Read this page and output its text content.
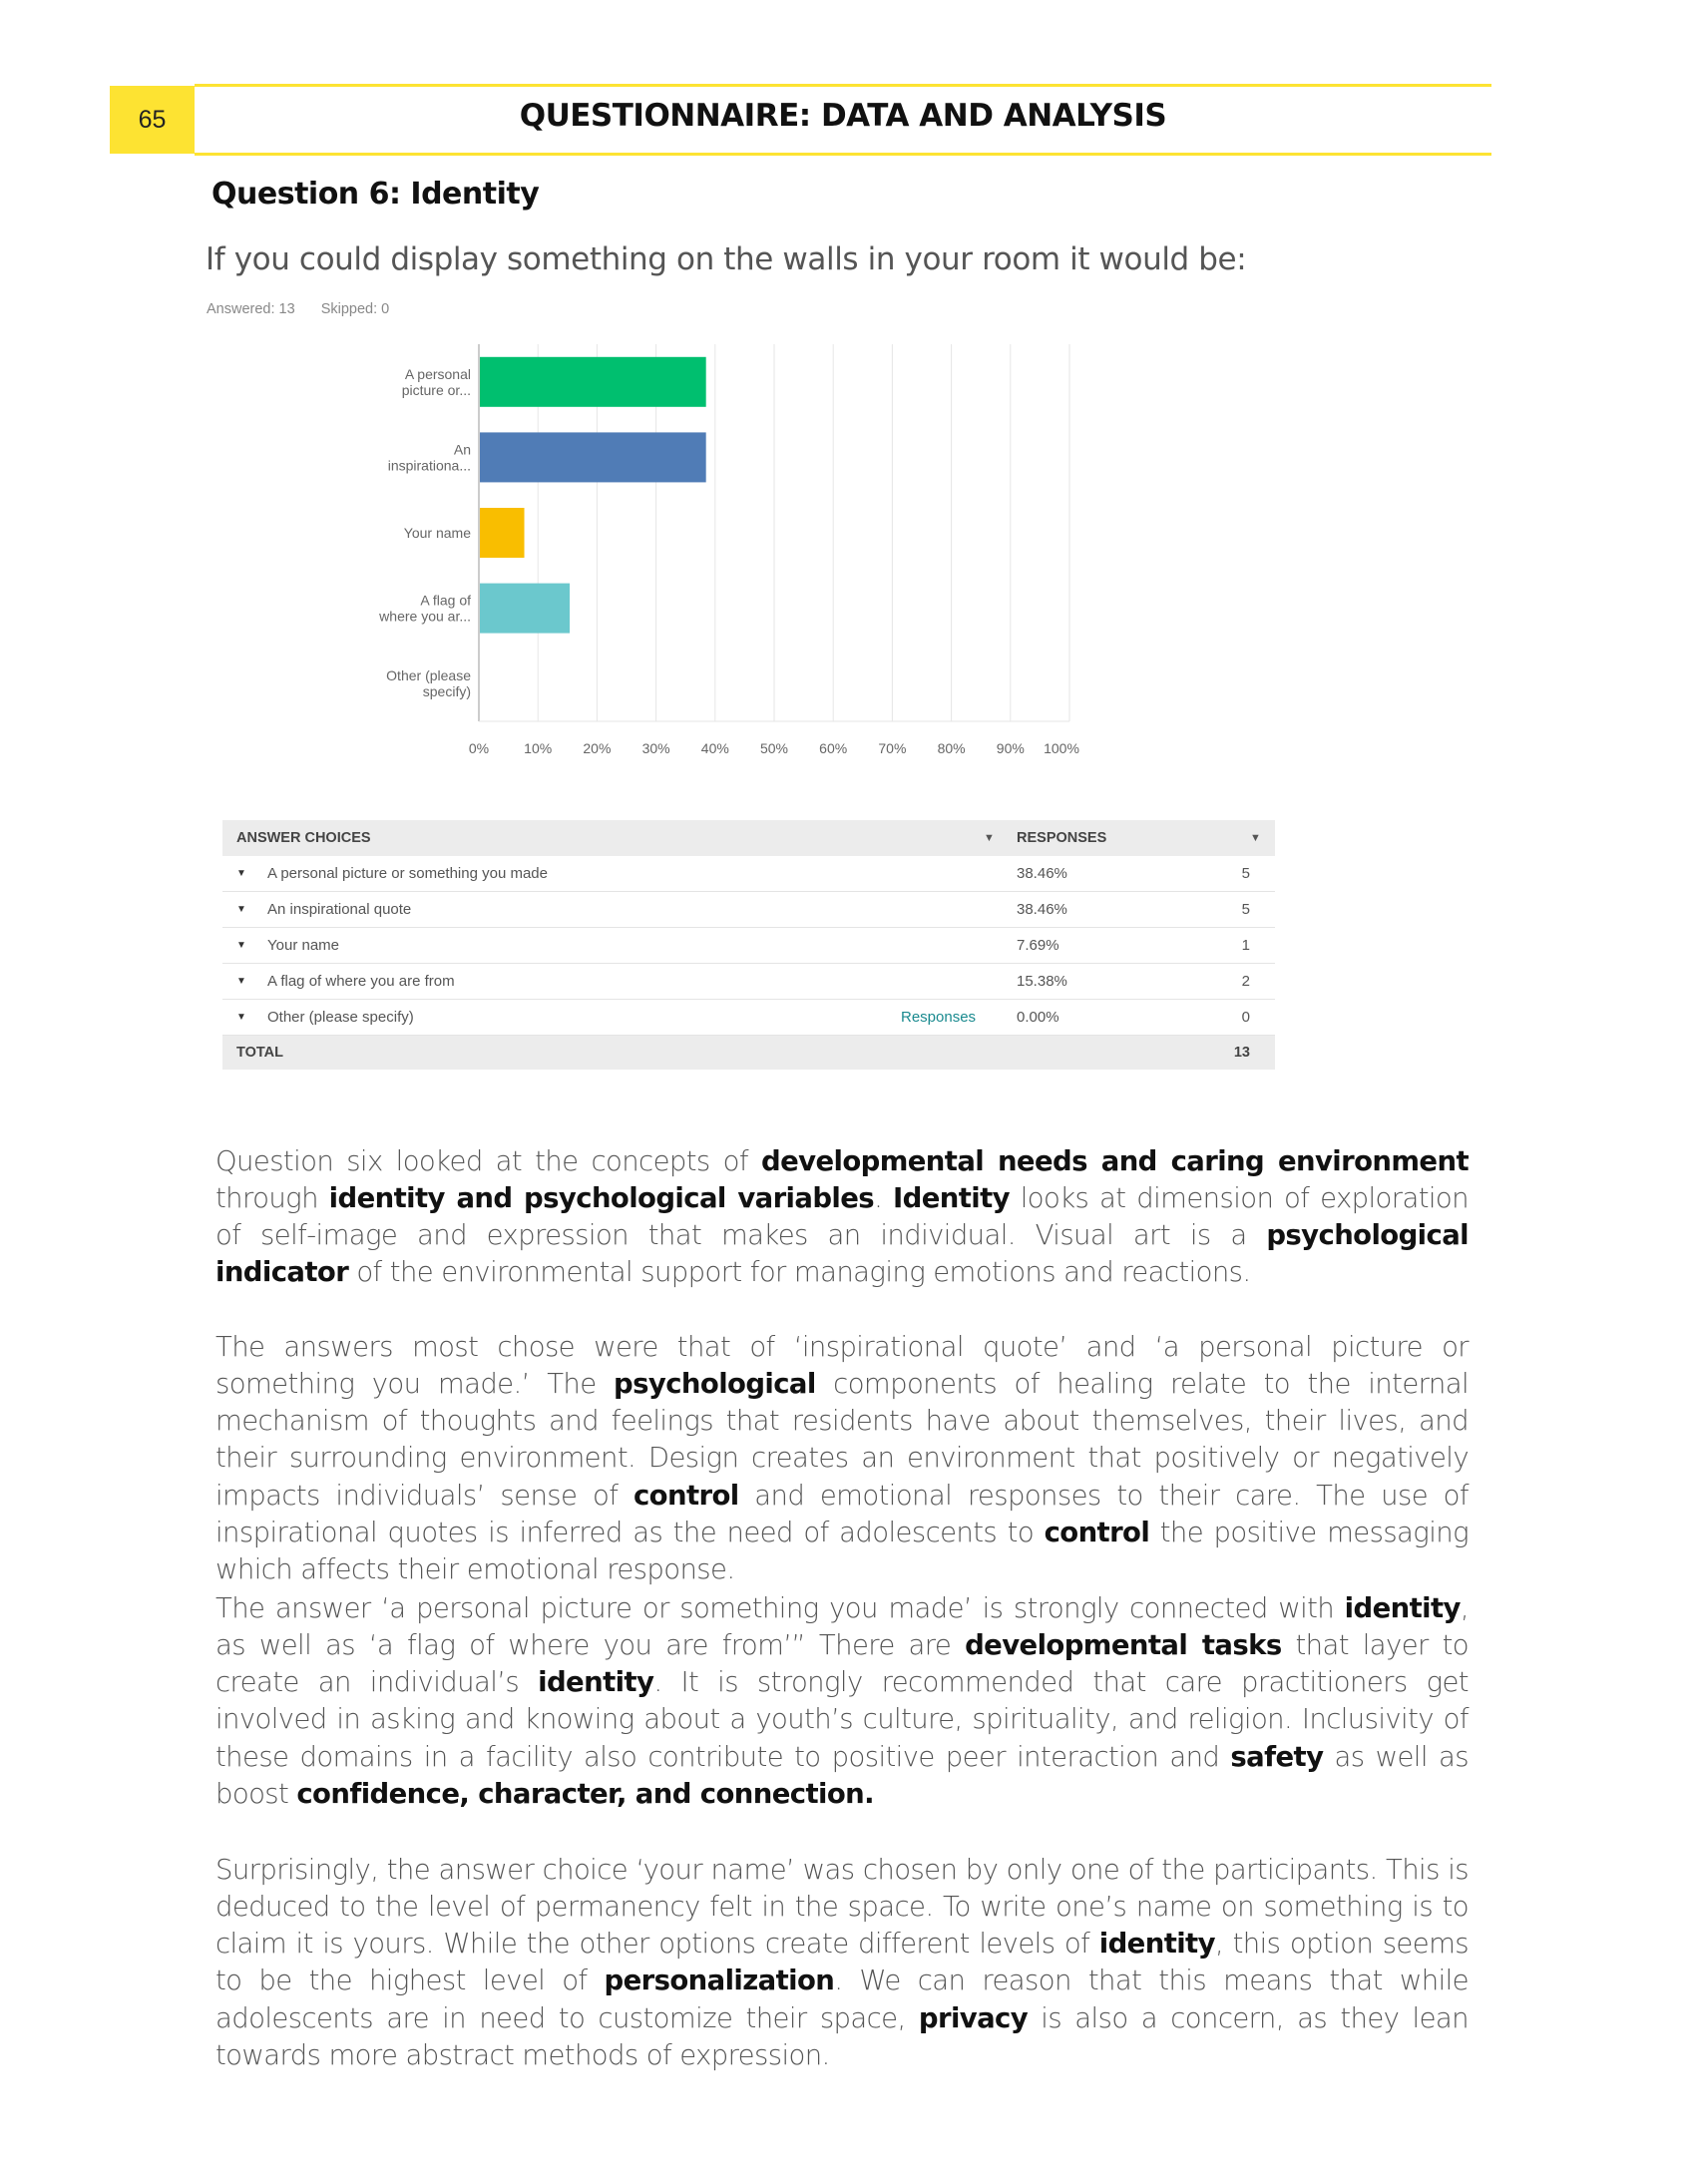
65	QUESTIONNAIRE: DATA AND ANALYSIS
Question 6: Identity
If you could display something on the walls in your room it would be:
Answered: 13 Skipped: 0
0%	10% 20% 30% 40% 50% 60% 70% 80% 90% 100%
A personal
picture or...
An
inspirationa...
Your name
A flag of
where you ar...
Other (please
specify)
ANSWER CHOICES	▼ RESPONSES	▼
▼ A personal picture or something you made	38.46%	5
▼ An inspirational quote	38.46%	5
▼ Your name	7.69%	1
▼ A flag of where you are from	15.38%	2
▼ Other (please specify)	Responses	0.00%	0
TOTAL	13

Question six looked at the concepts of developmental needs and caring environment through identity and psychological variables. Identity looks at dimension of exploration of self-image and expression that makes an individual. Visual art is a psychological indicator of the environmental support for managing emotions and reactions.

The answers most chose were that of ‘inspirational quote’ and ‘a personal picture or something you made.’ The psychological components of healing relate to the internal mechanism of thoughts and feelings that residents have about themselves, their lives, and their surrounding environment. Design creates an environment that positively or negatively impacts individuals’ sense of control and emotional responses to their care. The use of inspirational quotes is inferred as the need of adolescents to control the positive messaging which affects their emotional response.

The answer ‘a personal picture or something you made’ is strongly connected with identity, as well as ‘a flag of where you are from’” There are developmental tasks that layer to create an individual’s identity. It is strongly recommended that care practitioners get involved in asking and knowing about a youth’s culture, spirituality, and religion. Inclusivity of these domains in a facility also contribute to positive peer interaction and safety as well as boost confidence, character, and connection.

Surprisingly, the answer choice ‘your name’ was chosen by only one of the participants. This is deduced to the level of permanency felt in the space. To write one’s name on something is to claim it is yours. While the other options create different levels of identity, this option seems to be the highest level of personalization. We can reason that this means that while adolescents are in need to customize their space, privacy is also a concern, as they lean towards more abstract methods of expression.
